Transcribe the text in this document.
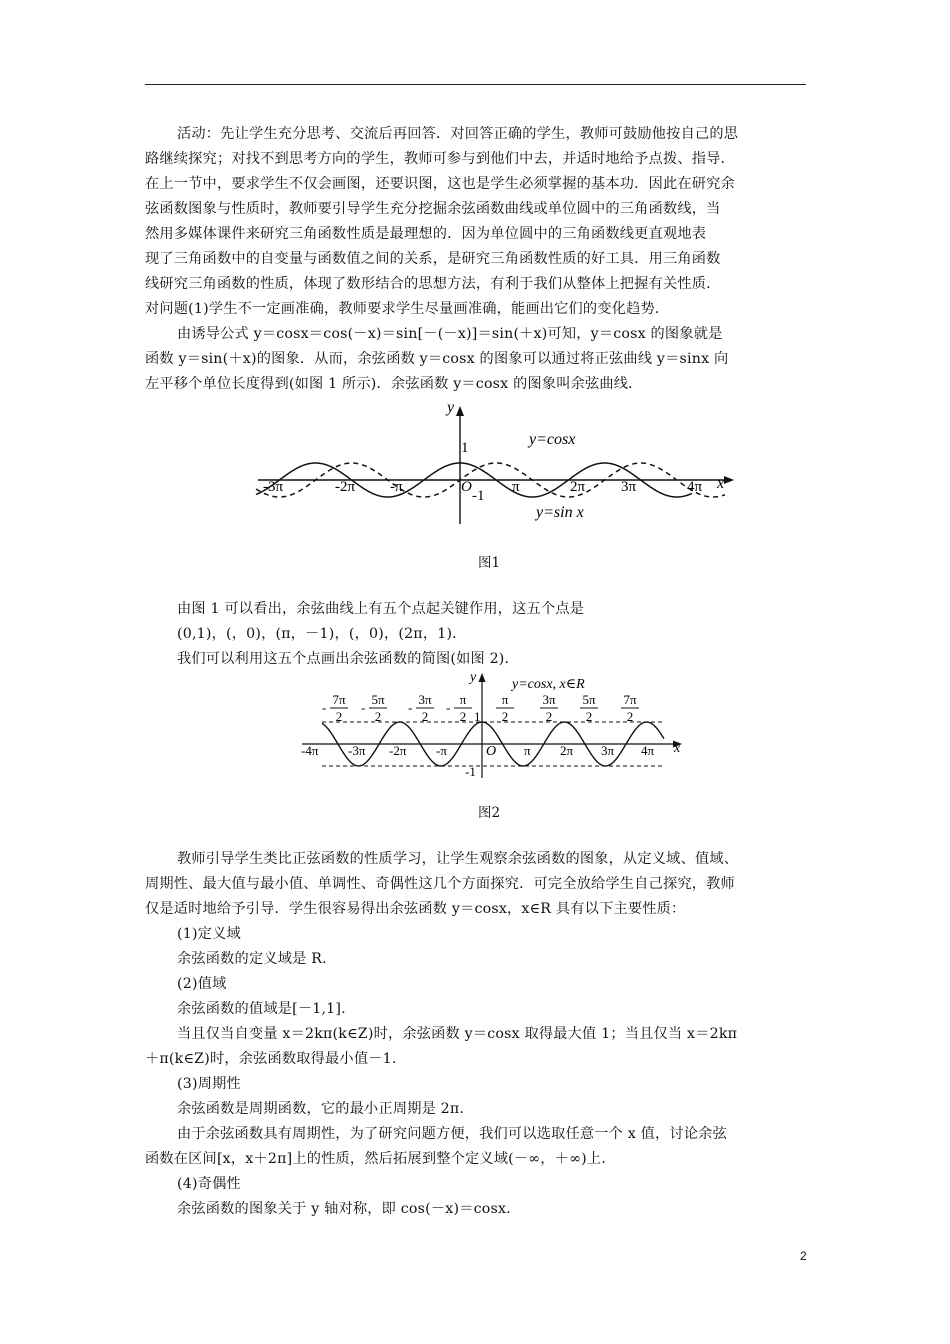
活动：先让学生充分思考、交流后再回答．对回答正确的学生，教师可鼓励他按自己的思
路继续探究；对找不到思考方向的学生，教师可参与到他们中去，并适时地给予点拨、指导．
在上一节中，要求学生不仅会画图，还要识图，这也是学生必须掌握的基本功．因此在研究余
弦函数图象与性质时，教师要引导学生充分挖掘余弦函数曲线或单位圆中的三角函数线，当
然用多媒体课件来研究三角函数性质是最理想的．因为单位圆中的三角函数线更直观地表
现了三角函数中的自变量与函数值之间的关系，是研究三角函数性质的好工具．用三角函数
线研究三角函数的性质，体现了数形结合的思想方法，有利于我们从整体上把握有关性质．
对问题(1)学生不一定画准确，教师要求学生尽量画准确，能画出它们的变化趋势．
由诱导公式 y＝cosx＝cos(－x)＝sin[－(－x)]＝sin(＋x)可知，y＝cosx 的图象就是
函数 y＝sin(＋x)的图象．从而，余弦函数 y＝cosx 的图象可以通过将正弦曲线 y＝sinx 向
左平移个单位长度得到(如图 1 所示)．余弦函数 y＝cosx 的图象叫余弦曲线．
y
x
1
O
-1
y=cosx
y=sin x
-3π	-2π -π	π	2π 3π	4π
图1
由图 1 可以看出，余弦曲线上有五个点起关键作用，这五个点是
(0,1)，(，0)，(π，－1)，(，0)，(2π，1)．
我们可以利用这五个点画出余弦函数的简图(如图 2)．
7π
2
-
5π
2
-
3π
2
-
π
2
-
π
2
3π
2
5π
2
7π
2
y
x
y=cosx, x∈R
1
O
-1
-4π -3π -2π -π	π 2π 3π 4π
图2
教师引导学生类比正弦函数的性质学习，让学生观察余弦函数的图象，从定义域、值域、
周期性、最大值与最小值、单调性、奇偶性这几个方面探究．可完全放给学生自己探究，教师
仅是适时地给予引导．学生很容易得出余弦函数 y＝cosx，x∈R 具有以下主要性质：
(1)定义域
余弦函数的定义域是 R.
(2)值域
余弦函数的值域是[－1,1].
当且仅当自变量 x＝2kπ(k∈Z)时，余弦函数 y＝cosx 取得最大值 1；当且仅当 x＝2kπ
＋π(k∈Z)时，余弦函数取得最小值－1.
(3)周期性
余弦函数是周期函数，它的最小正周期是 2π.
由于余弦函数具有周期性，为了研究问题方便，我们可以选取任意一个 x 值，讨论余弦
函数在区间[x，x＋2π]上的性质，然后拓展到整个定义域(－∞，＋∞)上.
(4)奇偶性
余弦函数的图象关于 y 轴对称，即 cos(－x)＝cosx.
2
